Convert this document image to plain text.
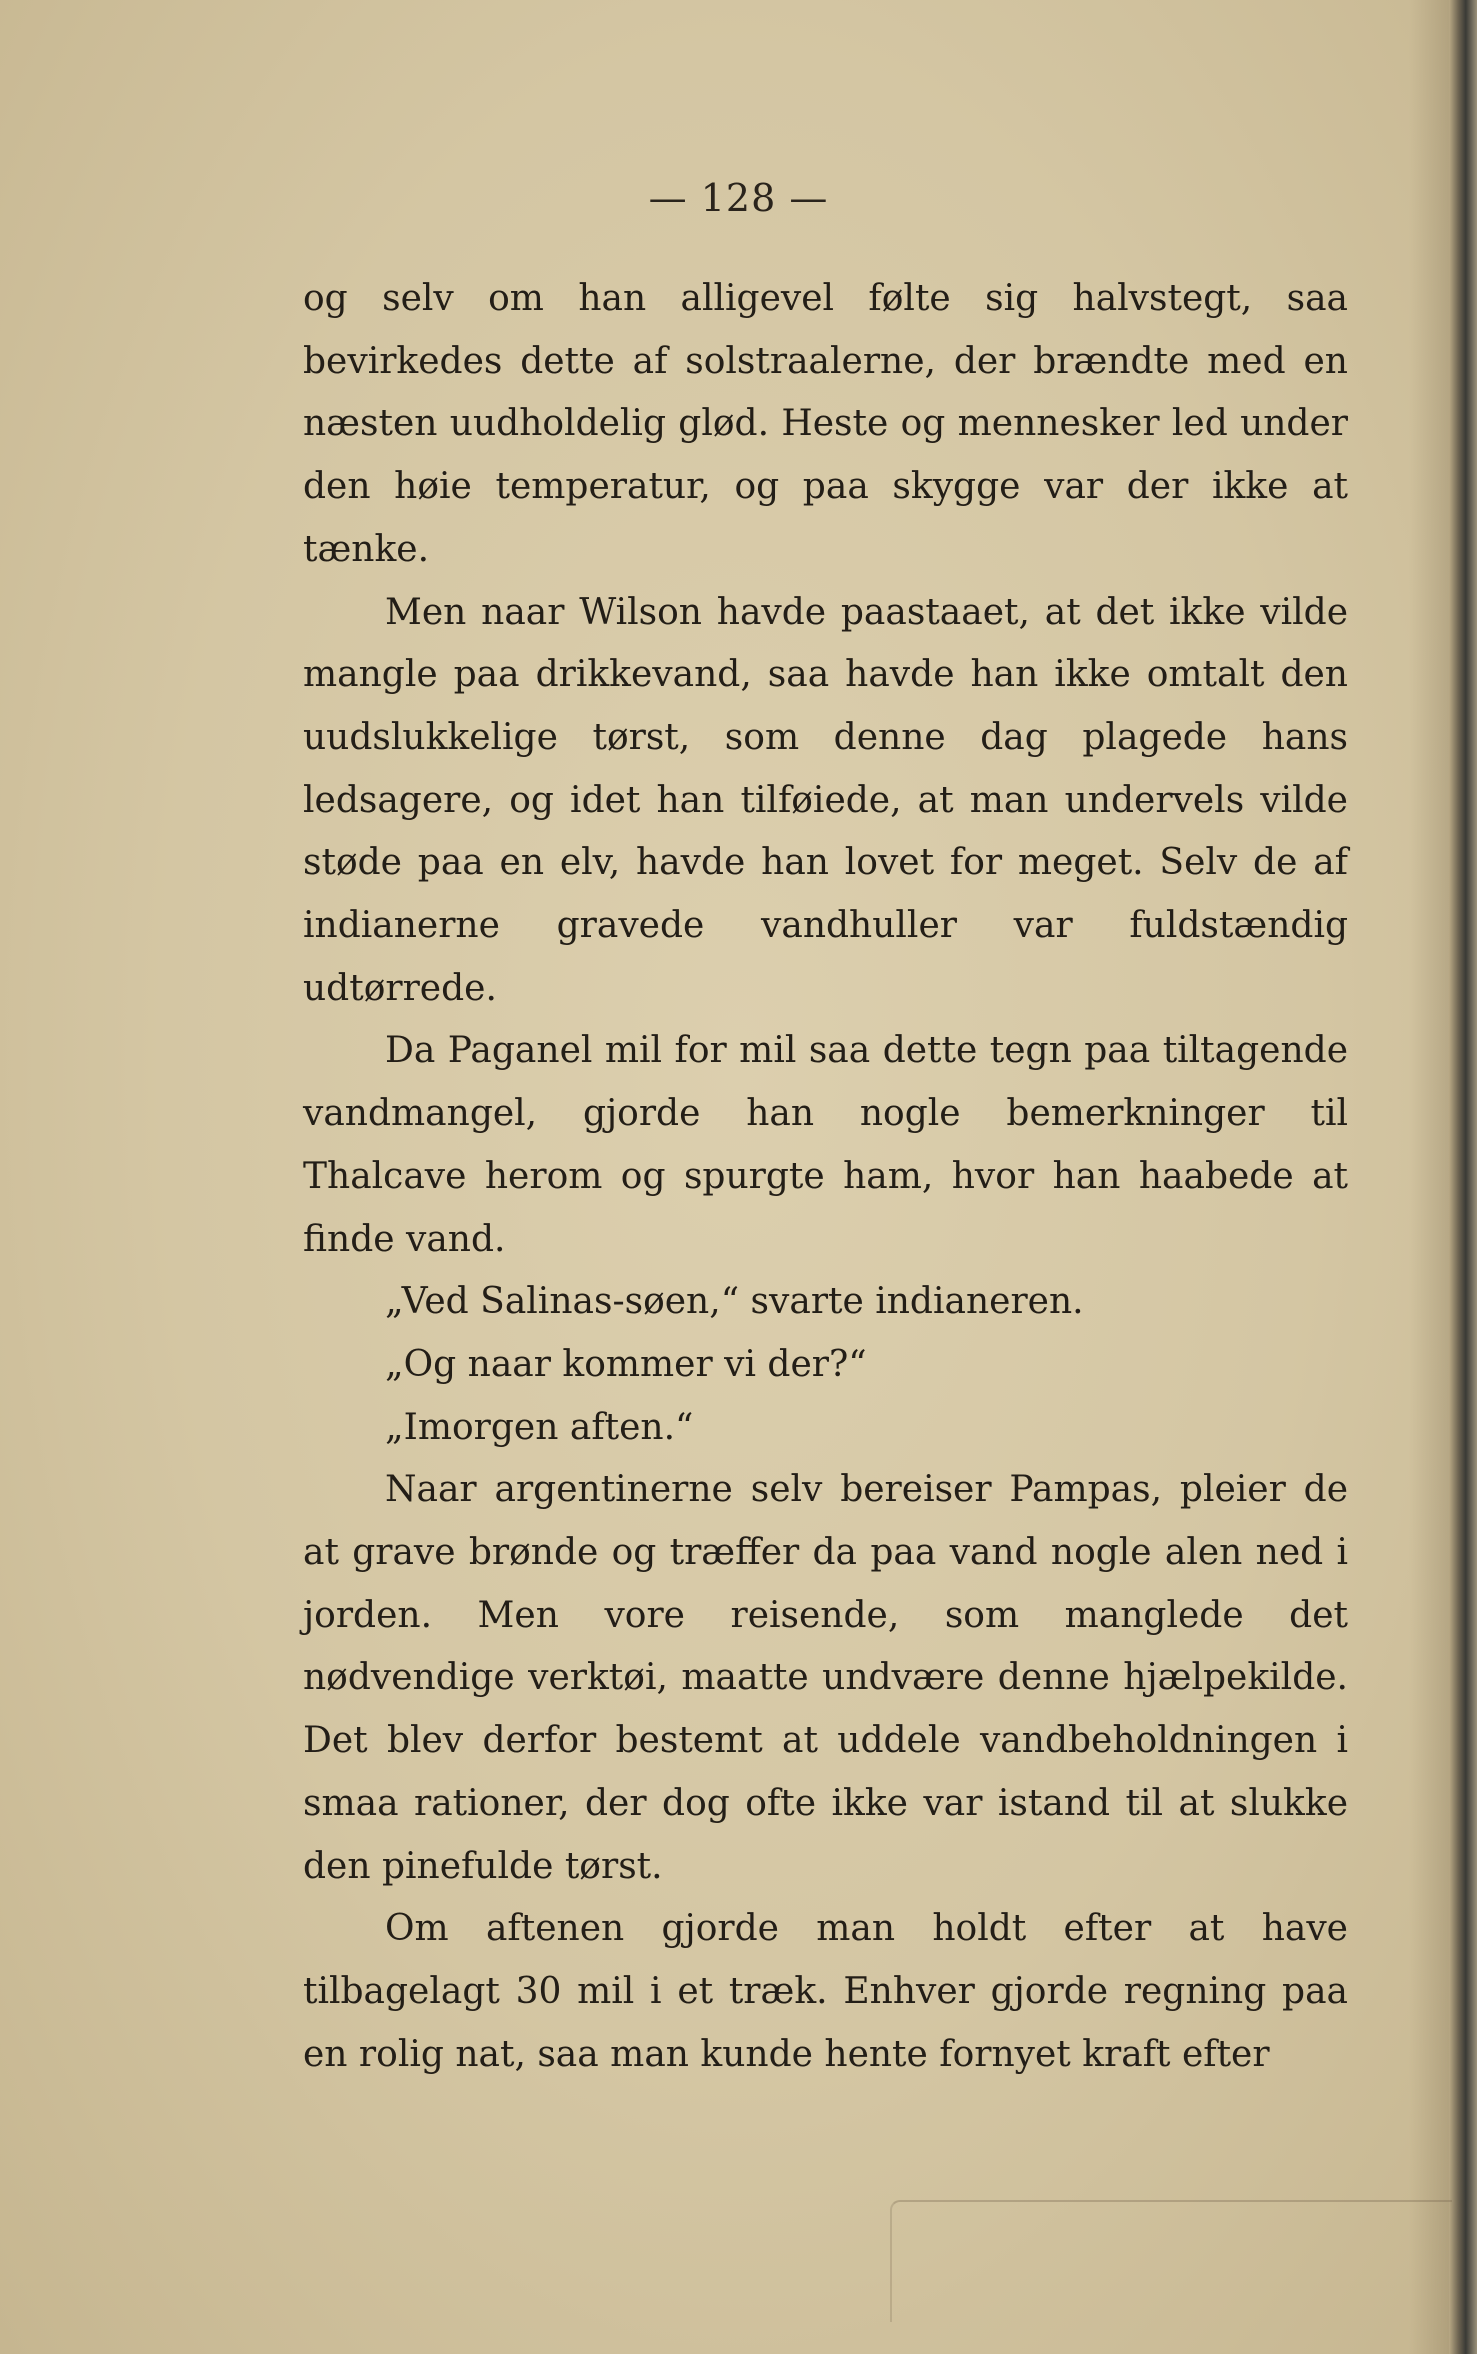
— 128 —

og selv om han alligevel følte sig halvstegt, saa bevirkedes dette af solstraalerne, der brændte med en næsten uudholdelig glød. Heste og mennesker led under den høie temperatur, og paa skygge var der ikke at tænke.

Men naar Wilson havde paastaaet, at det ikke vilde mangle paa drikkevand, saa havde han ikke omtalt den uudslukkelige tørst, som denne dag plagede hans ledsagere, og idet han tilføiede, at man undervels vilde støde paa en elv, havde han lovet for meget. Selv de af indianerne gravede vandhuller var fuldstændig udtørrede.

Da Paganel mil for mil saa dette tegn paa tiltagende vandmangel, gjorde han nogle bemerkninger til Thalcave herom og spurgte ham, hvor han haabede at finde vand.

„Ved Salinas-søen,“ svarte indianeren.

„Og naar kommer vi der?“

„Imorgen aften.“

Naar argentinerne selv bereiser Pampas, pleier de at grave brønde og træffer da paa vand nogle alen ned i jorden. Men vore reisende, som manglede det nødvendige verktøi, maatte undvære denne hjælpekilde. Det blev derfor bestemt at uddele vandbeholdningen i smaa rationer, der dog ofte ikke var istand til at slukke den pinefulde tørst.

Om aftenen gjorde man holdt efter at have tilbagelagt 30 mil i et træk. Enhver gjorde regning paa en rolig nat, saa man kunde hente fornyet kraft efter
